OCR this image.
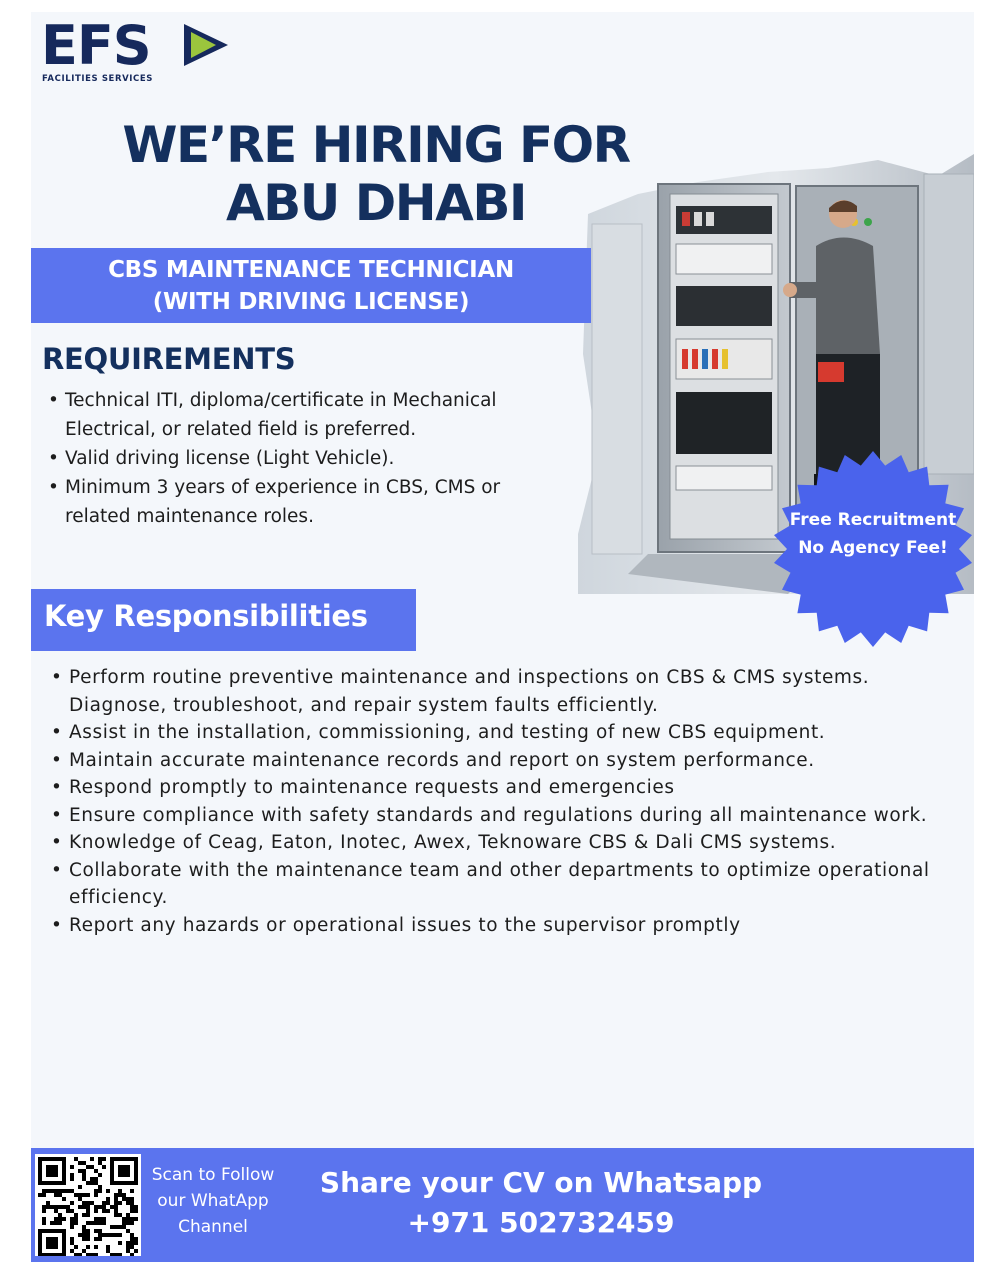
EFS
FACILITIES SERVICES
WE’RE HIRING FOR
ABU DHABI
Free Recruitment
No Agency Fee!
CBS MAINTENANCE TECHNICIAN
(WITH DRIVING LICENSE)
REQUIREMENTS
• Technical ITI, diploma/certificate in Mechanical Electrical, or related field is preferred.
• Valid driving license (Light Vehicle).
• Minimum 3 years of experience in CBS, CMS or related maintenance roles.
Key Responsibilities
• Perform routine preventive maintenance and inspections on CBS & CMS systems. Diagnose, troubleshoot, and repair system faults efficiently.
• Assist in the installation, commissioning, and testing of new CBS equipment.
• Maintain accurate maintenance records and report on system performance.
• Respond promptly to maintenance requests and emergencies
• Ensure compliance with safety standards and regulations during all maintenance work.
• Knowledge of Ceag, Eaton, Inotec, Awex, Teknoware CBS & Dali CMS systems.
• Collaborate with the maintenance team and other departments to optimize operational efficiency.
• Report any hazards or operational issues to the supervisor promptly
Scan to Follow
our WhatApp
Channel
Share your CV on Whatsapp
+971 502732459
